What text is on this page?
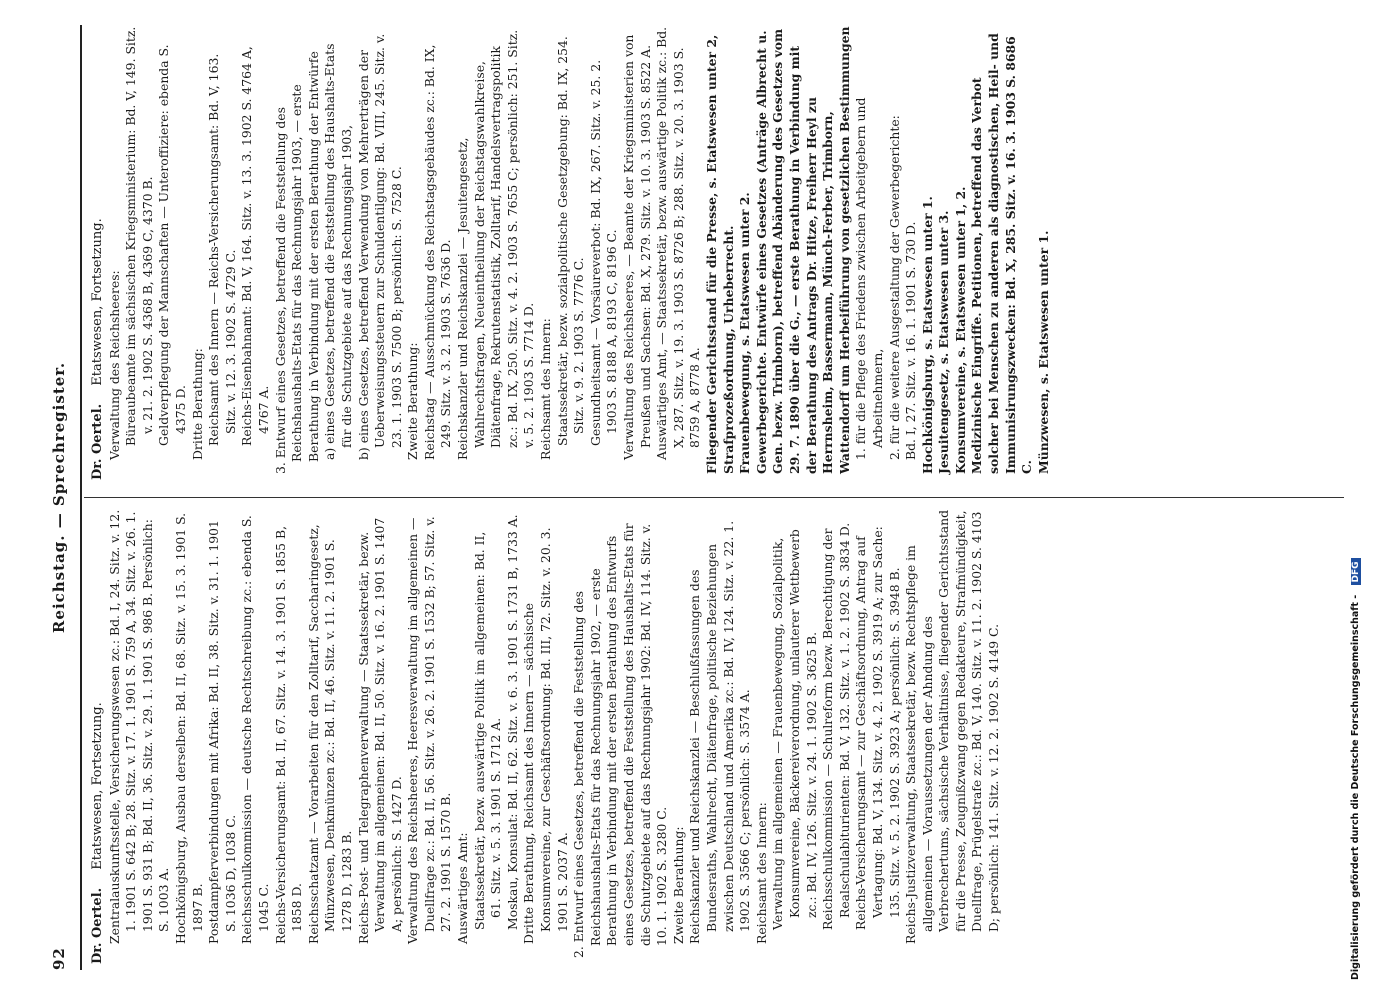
92
Reichstag. — Sprechregister.
Dr. Oertel. Etatswesen, Fortsetzung. Zentralauskunftsstelle, Versicherungswesen zc.: Bd. I, 24. Sitz. v. 12. 1. 1901 S. 642 B; 28. Sitz. v. 17. 1. 1901 S. 759 A, 34. Sitz. v. 26. 1. 1901 S. 931 B; Bd. II, 36. Sitz. v. 29. 1. 1901 S. 986 B. Persönlich: S. 1003 A. Hochkönigsburg, Ausbau derselben: Bd. II, 68. Sitz. v. 15. 3. 1901 S. 1897 B. Postdampferverbindungen mit Afrika: Bd. II, 38. Sitz. v. 31. 1. 1901 S. 1036 D, 1038 C. Reichsschulkommission — deutsche Rechtschreibung zc.: ebenda S. 1045 C. Reichs-Versicherungsamt: Bd. II, 67. Sitz. v. 14. 3. 1901 S. 1855 B, 1858 D. Reichsschatzamt — Vorarbeiten für den Zolltarif, Saccharingesetz, Münzwesen, Denkmünzen zc.: Bd. II, 46. Sitz. v. 11. 2. 1901 S. 1278 D, 1283 B. Reichs-Post- und Telegraphenverwaltung — Staatssekretär, bezw. Verwaltung im allgemeinen: Bd. II, 50. Sitz. v. 16. 2. 1901 S. 1407 A; persönlich: S. 1427 D. Verwaltung des Reichsheeres, Heeresverwaltung im allgemeinen — Duellfrage zc.: Bd. II, 56. Sitz. v. 26. 2. 1901 S. 1532 B; 57. Sitz. v. 27. 2. 1901 S. 1570 B. Auswärtiges Amt: Staatssekretär, bezw. auswärtige Politik im allgemeinen: Bd. II, 61. Sitz. v. 5. 3. 1901 S. 1712 A. Moskau, Konsulat: Bd. II, 62. Sitz. v. 6. 3. 1901 S. 1731 B, 1733 A. Dritte Berathung, Reichsamt des Innern — sächsische Konsumvereine, zur Geschäftsordnung: Bd. III, 72. Sitz. v. 20. 3. 1901 S. 2037 A. 2. Entwurf eines Gesetzes, betreffend die Feststellung des Reichshaushalts-Etats für das Rechnungsjahr 1902, — erste Berathung in Verbindung mit der ersten Berathung des Entwurfs eines Gesetzes, betreffend die Feststellung des Haushalts-Etats für die Schutzgebiete auf das Rechnungsjahr 1902: Bd. IV, 114. Sitz. v. 10. 1. 1902 S. 3280 C. Zweite Berathung: Reichskanzler und Reichskanzlei — Beschlußfassungen des Bundesraths, Wahlrecht, Diätenfrage, politische Beziehungen zwischen Deutschland und Amerika zc.: Bd. IV, 124. Sitz. v. 22. 1. 1902 S. 3566 C; persönlich: S. 3574 A. Reichsamt des Innern: Verwaltung im allgemeinen — Frauenbewegung, Sozialpolitik, Konsumvereine, Bäckereiverordnung, unlauterer Wettbewerb zc.: Bd. IV, 126. Sitz. v. 24. 1. 1902 S. 3625 B. Reichsschulkommission — Schulreform bezw. Berechtigung der Realschulabiturienten: Bd. V, 132. Sitz. v. 1. 2. 1902 S. 3834 D. Reichs-Versicherungsamt — zur Geschäftsordnung, Antrag auf Vertagung: Bd. V, 134. Sitz. v. 4. 2. 1902 S. 3919 A; zur Sache: 135. Sitz. v. 5. 2. 1902 S. 3923 A; persönlich: S. 3948 B. Reichs-Justizverwaltung, Staatssekretär, bezw. Rechtspflege im allgemeinen — Voraussetzungen der Ahndung des Verbrechertums, sächsische Verhältnisse, fliegender Gerichtsstand für die Presse, Zeugnißzwang gegen Redakteure, Strafmündigkeit, Duellfrage, Prügelstrafe zc.: Bd. V, 140. Sitz. v. 11. 2. 1902 S. 4103 D; persönlich: 141. Sitz. v. 12. 2. 1902 S. 4149 C.

Dr. Oertel. Etatswesen, Fortsetzung. Verwaltung des Reichsheeres: Büreaubeamte im sächsischen Kriegsministerium: Bd. V, 149. Sitz. v. 21. 2. 1902 S. 4368 B, 4369 C, 4370 B. Geldverpflegung der Mannschaften — Unteroffiziere: ebenda S. 4375 D. Dritte Berathung: Reichsamt des Innern — Reichs-Versicherungsamt: Bd. V, 163. Sitz. v. 12. 3. 1902 S. 4729 C. Reichs-Eisenbahnamt: Bd. V, 164. Sitz. v. 13. 3. 1902 S. 4764 A, 4767 A. 3. Entwurf eines Gesetzes, betreffend die Feststellung des Reichshaushalts-Etats für das Rechnungsjahr 1903, — erste Berathung in Verbindung mit der ersten Berathung der Entwürfe a) eines Gesetzes, betreffend die Feststellung des Haushalts-Etats für die Schutzgebiete auf das Rechnungsjahr 1903, b) eines Gesetzes, betreffend Verwendung von Mehrerträgen der Ueberweisungssteuern zur Schuldentilgung: Bd. VIII, 245. Sitz. v. 23. 1. 1903 S. 7500 B; persönlich: S. 7528 C. Zweite Berathung: Reichstag — Ausschmückung des Reichstagsgebäudes zc.: Bd. IX, 249. Sitz. v. 3. 2. 1903 S. 7636 D. Reichskanzler und Reichskanzlei — Jesuitengesetz, Wahlrechtsfragen, Neueintheilung der Reichstagswahlkreise, Diätenfrage, Rekrutenstatistik, Zolltarif, Handelsvertragspolitik zc.: Bd. IX, 250. Sitz. v. 4. 2. 1903 S. 7655 C; persönlich: 251. Sitz. v. 5. 2. 1903 S. 7714 D. Reichsamt des Innern: Staatssekretär, bezw. sozialpolitische Gesetzgebung: Bd. IX, 254. Sitz. v. 9. 2. 1903 S. 7776 C. Gesundheitsamt — Vorsäureverbot: Bd. IX, 267. Sitz. v. 25. 2. 1903 S. 8188 A, 8193 C, 8196 C. Verwaltung des Reichsheeres, — Beamte der Kriegsministerien von Preußen und Sachsen: Bd. X, 279. Sitz. v. 10. 3. 1903 S. 8522 A. Auswärtiges Amt, — Staatssekretär, bezw. auswärtige Politik zc.: Bd. X, 287. Sitz. v. 19. 3. 1903 S. 8726 B; 288. Sitz. v. 20. 3. 1903 S. 8759 A, 8778 A. Fliegender Gerichtsstand für die Presse, s. Etatswesen unter 2, Strafprozeßordnung, Urheberrecht. Frauenbewegung, s. Etatswesen unter 2. Gewerbegerichte. Entwürfe eines Gesetzes (Anträge Albrecht u. Gen. bezw. Trimborn), betreffend Abänderung des Gesetzes vom 29. 7. 1890 über die G., — erste Berathung in Verbindung mit der Berathung des Antrags Dr. Hitze, Freiherr Heyl zu Herrnsheim, Bassermann, Münch-Ferber, Trimborn, Wattendorff um Herbeiführung von gesetzlichen Bestimmungen 1. für die Pflege des Friedens zwischen Arbeitgebern und Arbeitnehmern, 2. für die weitere Ausgestaltung der Gewerbegerichte: Bd. I, 27. Sitz. v. 16. 1. 1901 S. 730 D. Hochkönigsburg, s. Etatswesen unter 1. Jesuitengesetz, s. Etatswesen unter 3. Konsumvereine, s. Etatswesen unter 1, 2. Medizinische Eingriffe. Petitionen, betreffend das Verbot solcher bei Menschen zu anderen als diagnostischen, Heil- und Immunisirungszwecken: Bd. X, 285. Sitz. v. 16. 3. 1903 S. 8686 C. Münzwesen, s. Etatswesen unter 1.

Digitalisierung gefördert durch die Deutsche Forschungsgemeinschaft - DFG
